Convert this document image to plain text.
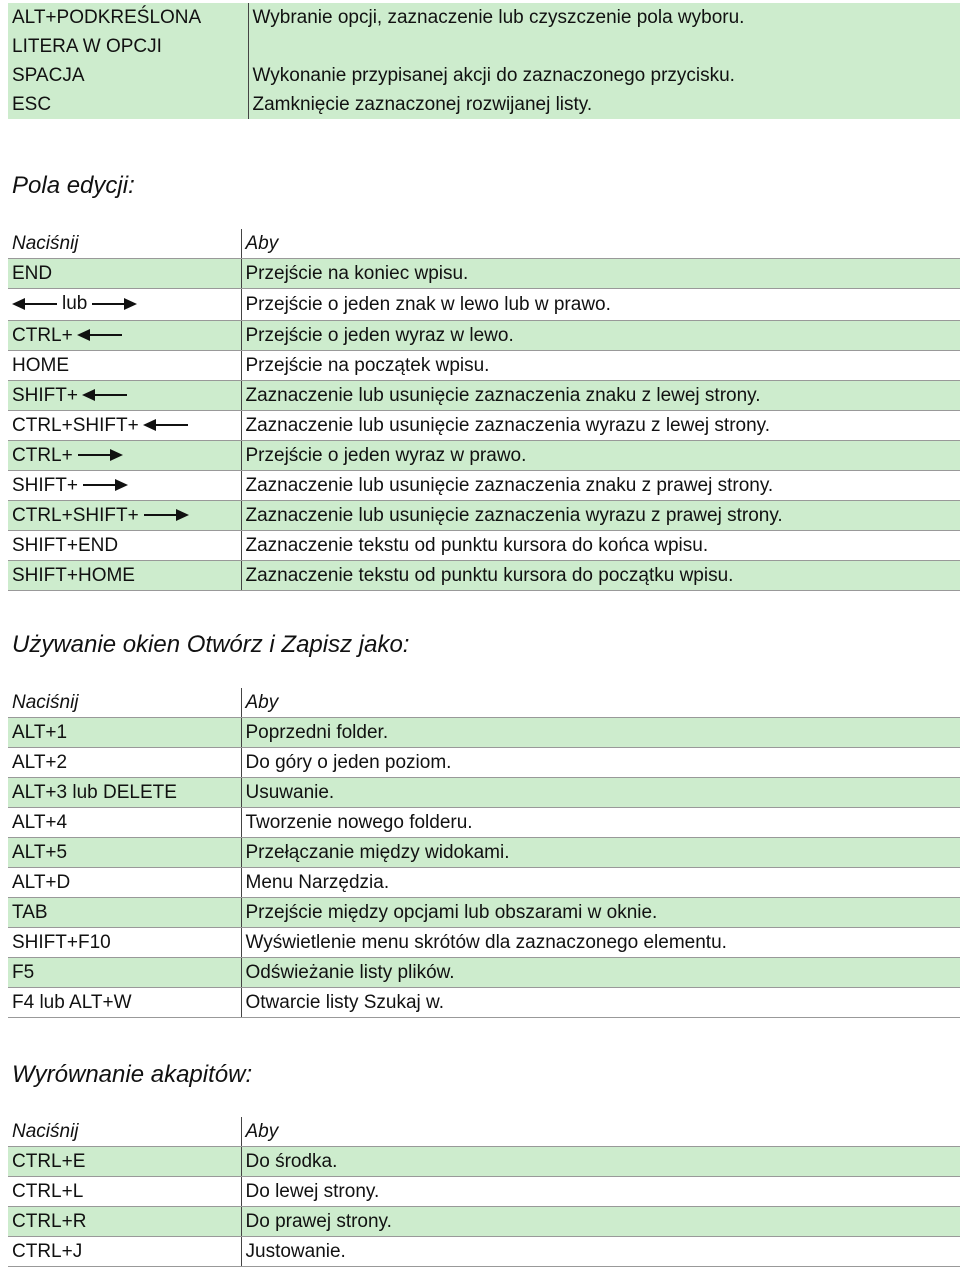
ALT+PODKREŚLONA
LITERA W OPCJI	Wybranie opcji, zaznaczenie lub czyszczenie pola wyboru.
SPACJA	Wykonanie przypisanej akcji do zaznaczonego przycisku.
ESC	Zamknięcie zaznaczonej rozwijanej listy.
Pola edycji:
Naciśnij	Aby
END	Przejście na koniec wpisu.

lub	Przejście o jeden znak w lewo lub w prawo.

CTRL+	Przejście o jeden wyraz w lewo.
HOME	Przejście na początek wpisu.

SHIFT+	Zaznaczenie lub usunięcie zaznaczenia znaku z lewej strony.

CTRL+SHIFT+	Zaznaczenie lub usunięcie zaznaczenia wyrazu z lewej strony.

CTRL+	Przejście o jeden wyraz w prawo.

SHIFT+	Zaznaczenie lub usunięcie zaznaczenia znaku z prawej strony.

CTRL+SHIFT+	Zaznaczenie lub usunięcie zaznaczenia wyrazu z prawej strony.
SHIFT+END	Zaznaczenie tekstu od punktu kursora do końca wpisu.
SHIFT+HOME	Zaznaczenie tekstu od punktu kursora do początku wpisu.
Używanie okien Otwórz i Zapisz jako:
Naciśnij	Aby
ALT+1	Poprzedni folder.
ALT+2	Do góry o jeden poziom.
ALT+3 lub DELETE	Usuwanie.
ALT+4	Tworzenie nowego folderu.
ALT+5	Przełączanie między widokami.
ALT+D	Menu Narzędzia.
TAB	Przejście między opcjami lub obszarami w oknie.
SHIFT+F10	Wyświetlenie menu skrótów dla zaznaczonego elementu.
F5	Odświeżanie listy plików.
F4 lub ALT+W	Otwarcie listy Szukaj w.
Wyrównanie akapitów:
Naciśnij	Aby
CTRL+E	Do środka.
CTRL+L	Do lewej strony.
CTRL+R	Do prawej strony.
CTRL+J	Justowanie.
